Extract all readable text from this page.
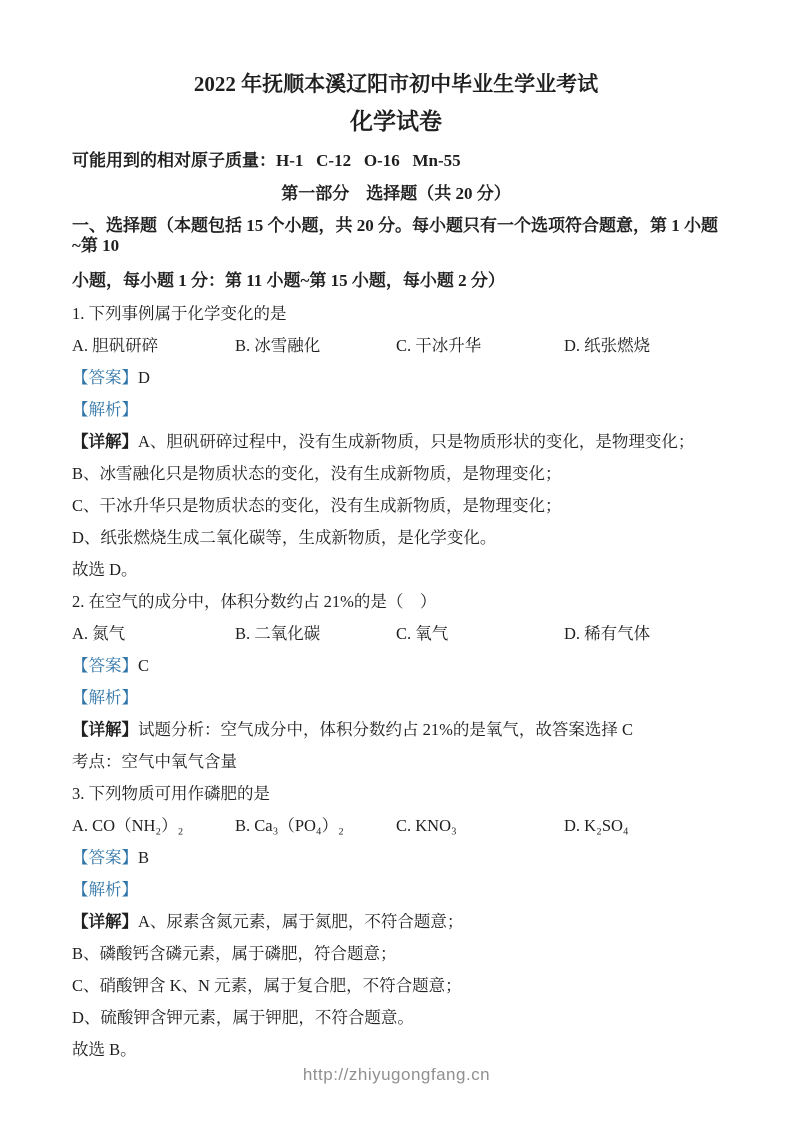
2022 年抚顺本溪辽阳市初中毕业生学业考试

化学试卷

可能用到的相对原子质量：H-1   C-12   O-16   Mn-55

第一部分　选择题（共 20 分）

一、选择题（本题包括 15 个小题，共 20 分。每小题只有一个选项符合题意，第 1 小题~第 10

小题，每小题 1 分：第 11 小题~第 15 小题，每小题 2 分）

1. 下列事例属于化学变化的是

A. 胆矾研碎	B. 冰雪融化	C. 干冰升华	D. 纸张燃烧

【答案】D

【解析】

【详解】A、胆矾研碎过程中，没有生成新物质，只是物质形状的变化，是物理变化；

B、冰雪融化只是物质状态的变化，没有生成新物质，是物理变化；

C、干冰升华只是物质状态的变化，没有生成新物质，是物理变化；

D、纸张燃烧生成二氧化碳等，生成新物质，是化学变化。

故选 D。

2. 在空气的成分中，体积分数约占 21%的是（　）

A. 氮气	B. 二氧化碳	C. 氧气	D. 稀有气体

【答案】C

【解析】

【详解】试题分析：空气成分中，体积分数约占 21%的是氧气，故答案选择 C

考点：空气中氧气含量

3. 下列物质可用作磷肥的是

A. CO（NH₂）₂	B. Ca₃（PO₄）₂	C. KNO₃	D. K₂SO₄

【答案】B

【解析】

【详解】A、尿素含氮元素，属于氮肥，不符合题意；

B、磷酸钙含磷元素，属于磷肥，符合题意；

C、硝酸钾含 K、N 元素，属于复合肥，不符合题意；

D、硫酸钾含钾元素，属于钾肥，不符合题意。

故选 B。

http://zhiyugongfang.cn
